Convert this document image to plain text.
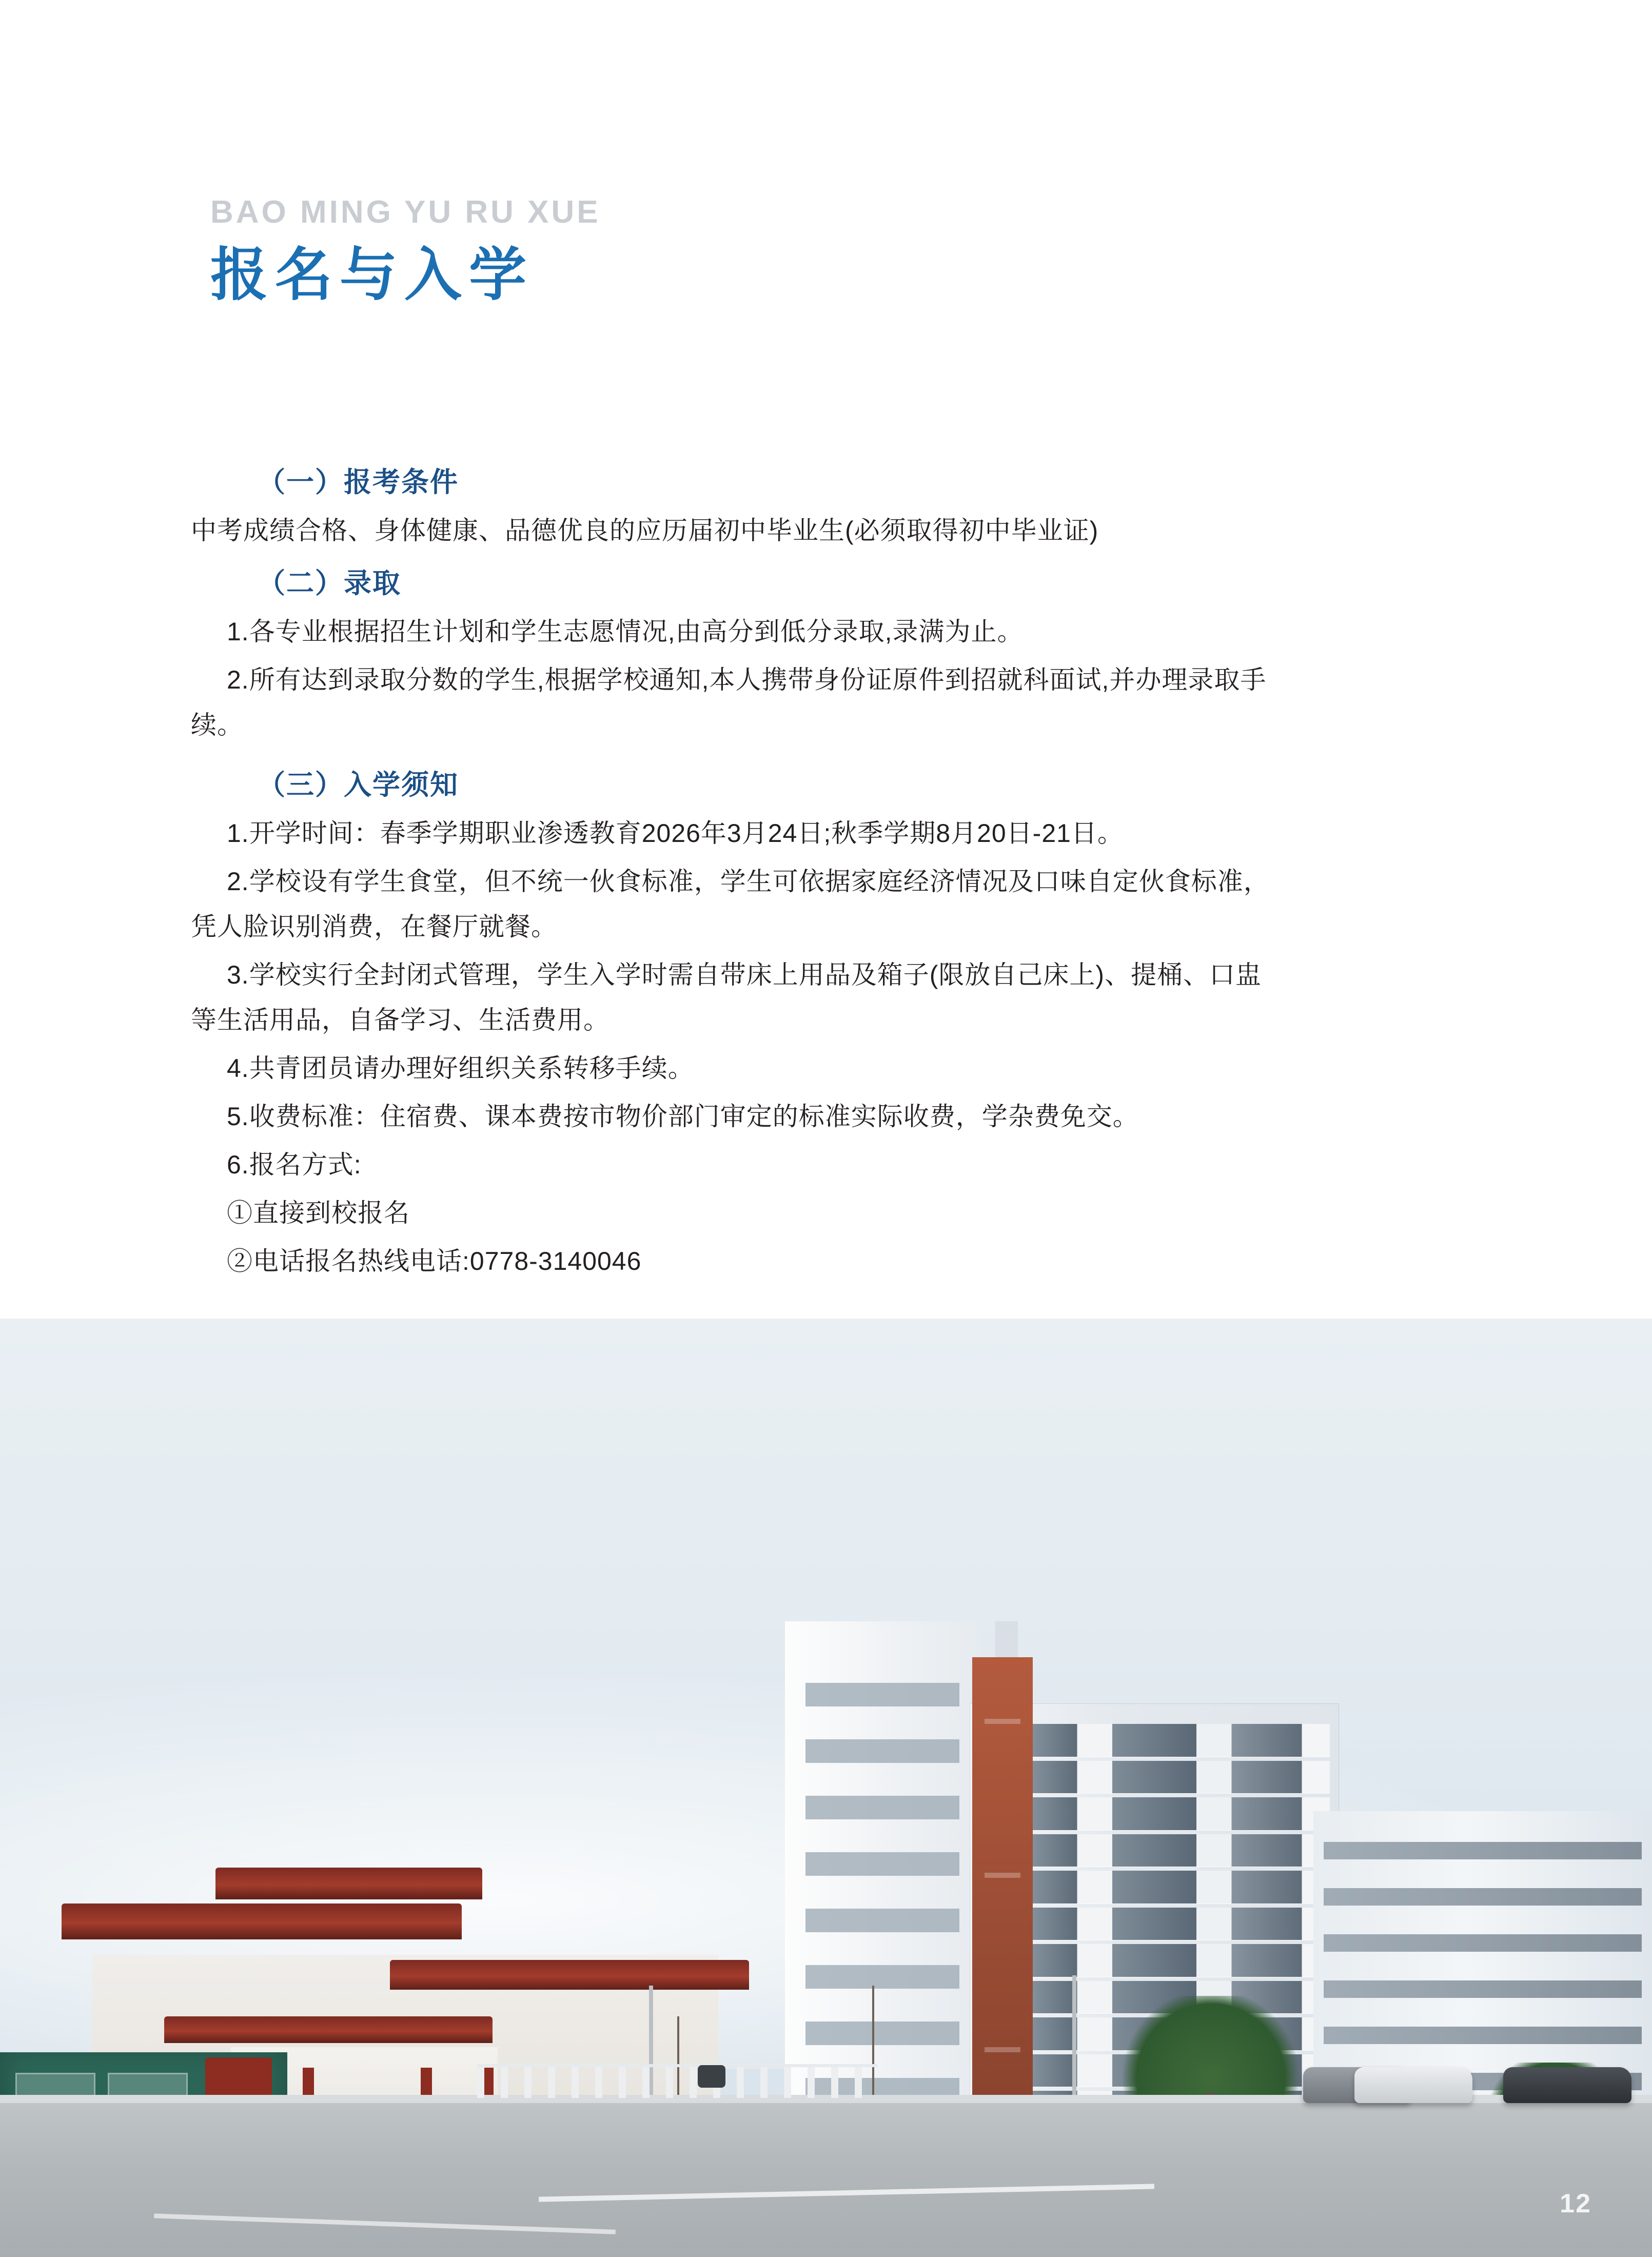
BAO MING YU RU XUE
报名与入学
（一）报考条件

中考成绩合格、身体健康、品德优良的应历届初中毕业生(必须取得初中毕业证)

（二）录取

1.各专业根据招生计划和学生志愿情况,由高分到低分录取,录满为止。

2.所有达到录取分数的学生,根据学校通知,本人携带身份证原件到招就科面试,并办理录取手

续。

（三）入学须知

1.开学时间：春季学期职业渗透教育2026年3月24日;秋季学期8月20日-21日。

2.学校设有学生食堂，但不统一伙食标准，学生可依据家庭经济情况及口味自定伙食标准，

凭人脸识别消费，在餐厅就餐。

3.学校实行全封闭式管理，学生入学时需自带床上用品及箱子(限放自己床上)、提桶、口盅

等生活用品，自备学习、生活费用。

4.共青团员请办理好组织关系转移手续。

5.收费标准：住宿费、课本费按市物价部门审定的标准实际收费，学杂费免交。

6.报名方式:

①直接到校报名

②电话报名热线电话:0778-3140046

12
